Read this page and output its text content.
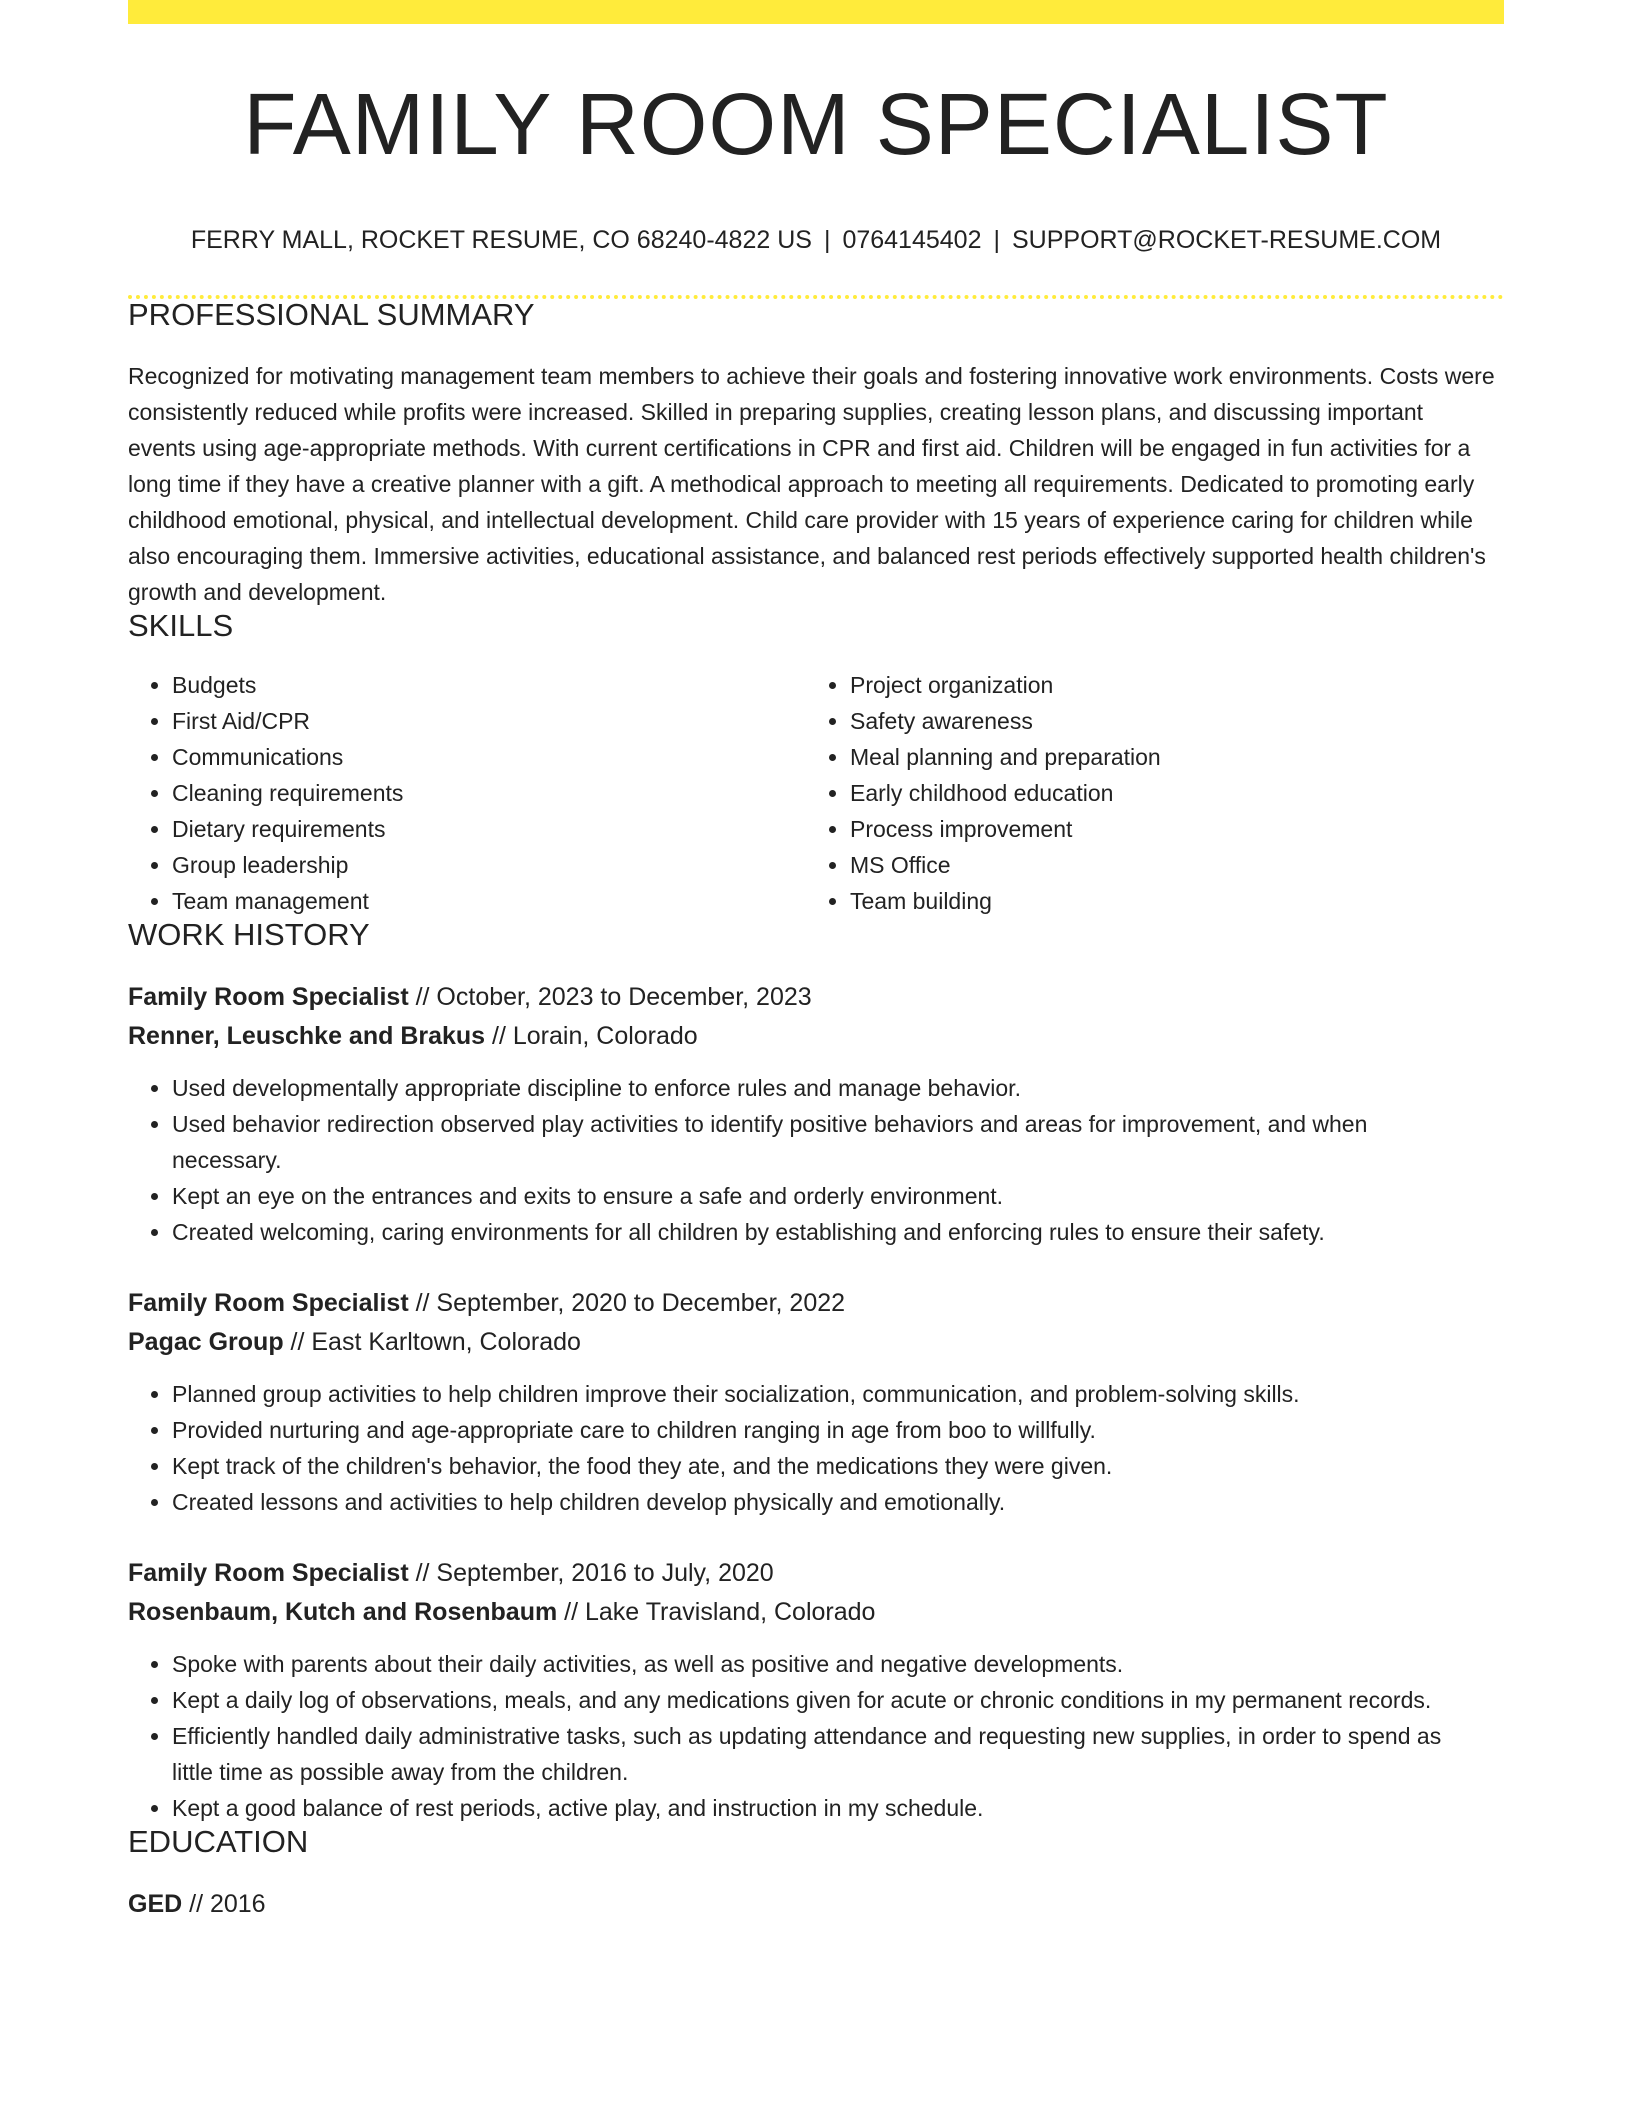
FAMILY ROOM SPECIALIST
FERRY MALL, ROCKET RESUME, CO 68240-4822 US | 0764145402 | SUPPORT@ROCKET-RESUME.COM
PROFESSIONAL SUMMARY

Recognized for motivating management team members to achieve their goals and fostering innovative work environments. Costs were consistently reduced while profits were increased. Skilled in preparing supplies, creating lesson plans, and discussing important events using age-appropriate methods. With current certifications in CPR and first aid. Children will be engaged in fun activities for a long time if they have a creative planner with a gift. A methodical approach to meeting all requirements. Dedicated to promoting early childhood emotional, physical, and intellectual development. Child care provider with 15 years of experience caring for children while also encouraging them. Immersive activities, educational assistance, and balanced rest periods effectively supported health children's growth and development.

SKILLS
• Budgets
• First Aid/CPR
• Communications
• Cleaning requirements
• Dietary requirements
• Group leadership
• Team management
• Project organization
• Safety awareness
• Meal planning and preparation
• Early childhood education
• Process improvement
• MS Office
• Team building
WORK HISTORY
Family Room Specialist // October, 2023 to December, 2023
Renner, Leuschke and Brakus // Lorain, Colorado
• Used developmentally appropriate discipline to enforce rules and manage behavior.
• Used behavior redirection observed play activities to identify positive behaviors and areas for improvement, and when necessary.
• Kept an eye on the entrances and exits to ensure a safe and orderly environment.
• Created welcoming, caring environments for all children by establishing and enforcing rules to ensure their safety.
Family Room Specialist // September, 2020 to December, 2022
Pagac Group // East Karltown, Colorado
• Planned group activities to help children improve their socialization, communication, and problem-solving skills.
• Provided nurturing and age-appropriate care to children ranging in age from boo to willfully.
• Kept track of the children's behavior, the food they ate, and the medications they were given.
• Created lessons and activities to help children develop physically and emotionally.
Family Room Specialist // September, 2016 to July, 2020
Rosenbaum, Kutch and Rosenbaum // Lake Travisland, Colorado
• Spoke with parents about their daily activities, as well as positive and negative developments.
• Kept a daily log of observations, meals, and any medications given for acute or chronic conditions in my permanent records.
• Efficiently handled daily administrative tasks, such as updating attendance and requesting new supplies, in order to spend as little time as possible away from the children.
• Kept a good balance of rest periods, active play, and instruction in my schedule.
EDUCATION
GED // 2016
